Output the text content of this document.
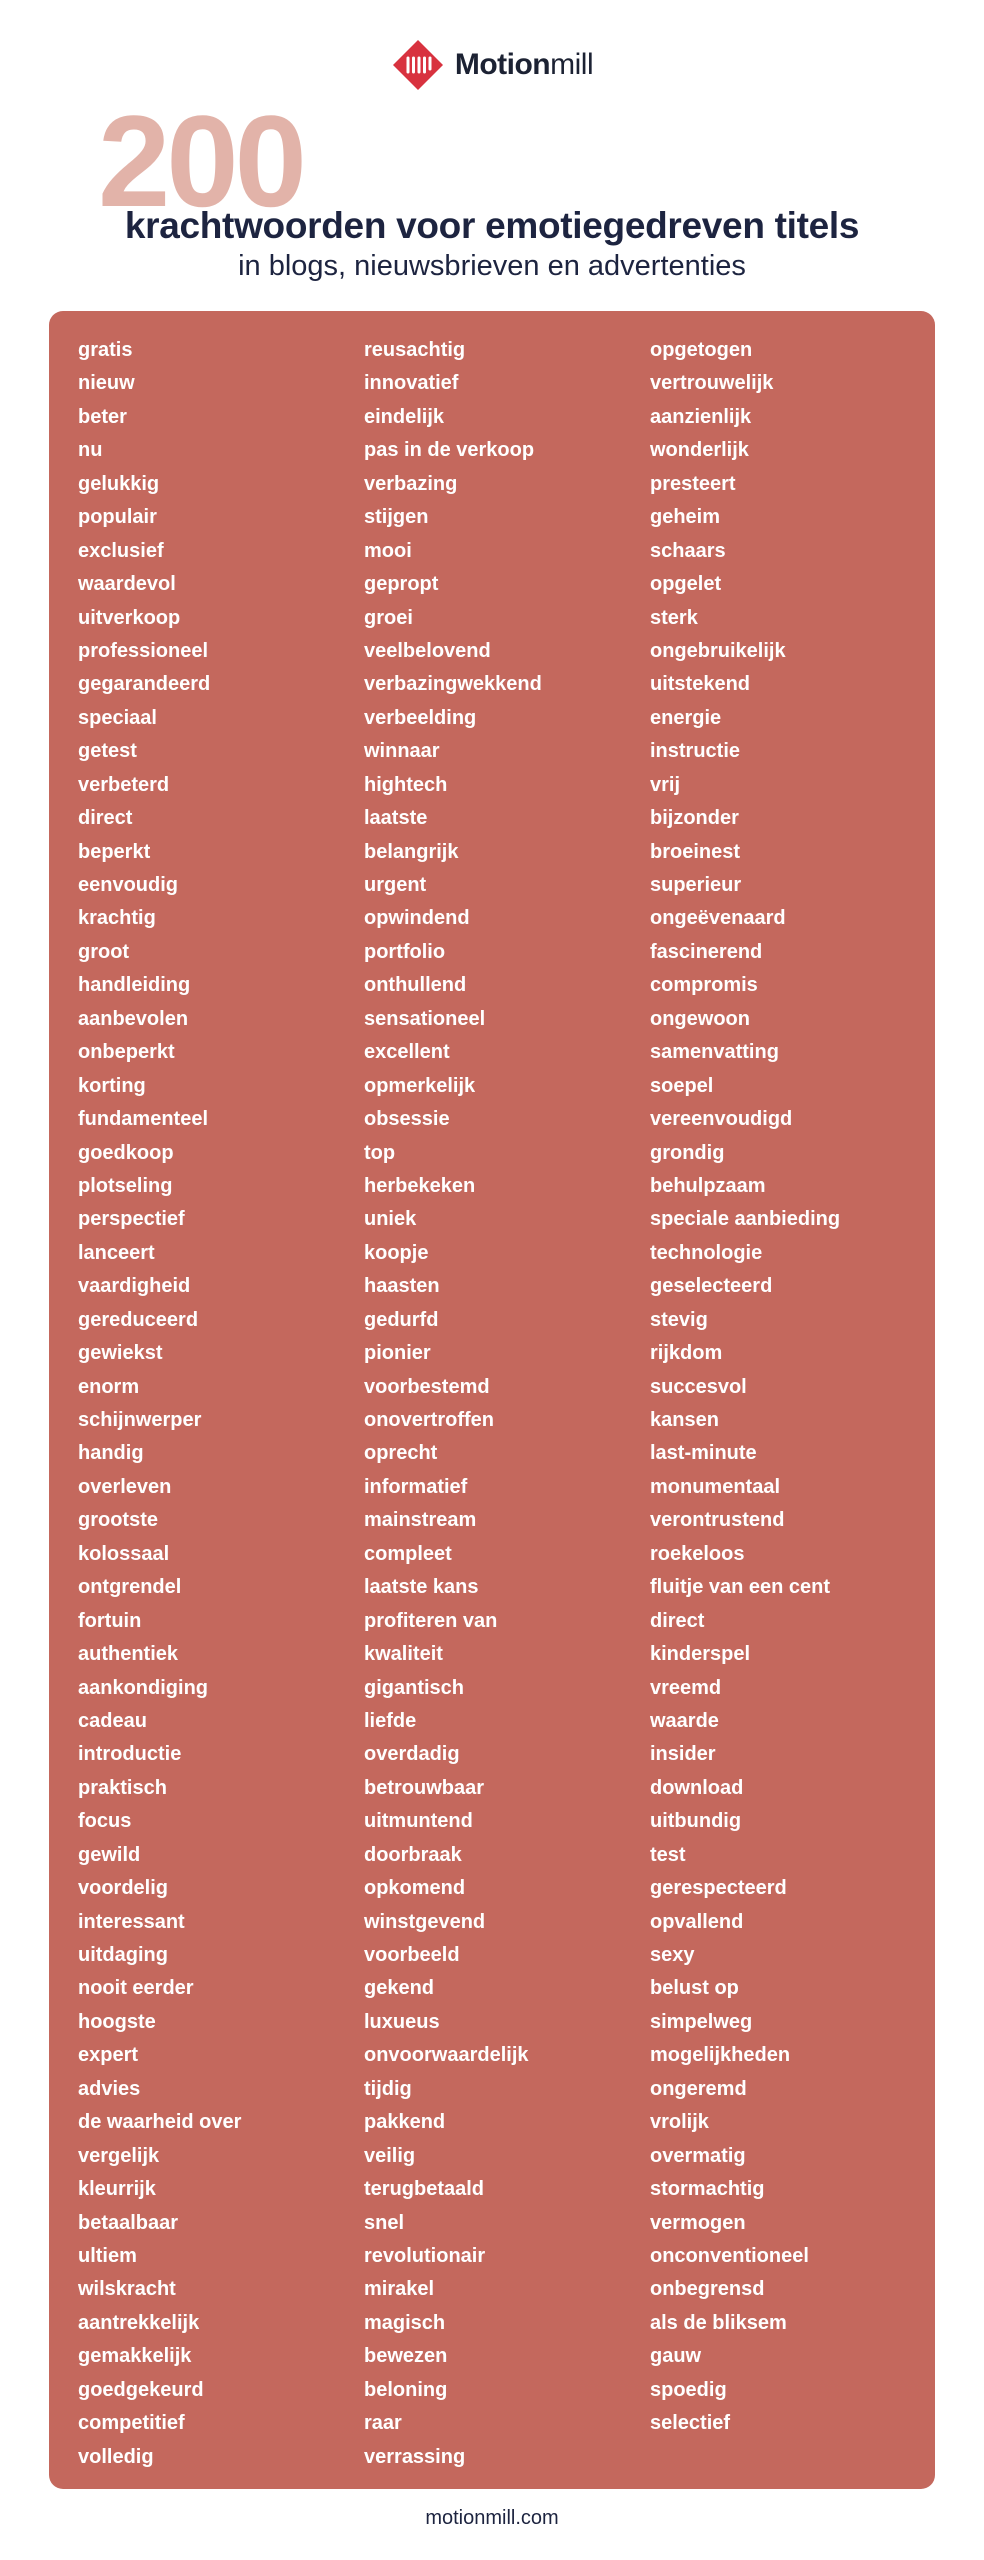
Motionmill
200
krachtwoorden voor emotiegedreven titels
in blogs, nieuwsbrieven en advertenties
gratis
nieuw
beter
nu
gelukkig
populair
exclusief
waardevol
uitverkoop
professioneel
gegarandeerd
speciaal
getest
verbeterd
direct
beperkt
eenvoudig
krachtig
groot
handleiding
aanbevolen
onbeperkt
korting
fundamenteel
goedkoop
plotseling
perspectief
lanceert
vaardigheid
gereduceerd
gewiekst
enorm
schijnwerper
handig
overleven
grootste
kolossaal
ontgrendel
fortuin
authentiek
aankondiging
cadeau
introductie
praktisch
focus
gewild
voordelig
interessant
uitdaging
nooit eerder
hoogste
expert
advies
de waarheid over
vergelijk
kleurrijk
betaalbaar
ultiem
wilskracht
aantrekkelijk
gemakkelijk
goedgekeurd
competitief
volledig
reusachtig
innovatief
eindelijk
pas in de verkoop
verbazing
stijgen
mooi
gepropt
groei
veelbelovend
verbazingwekkend
verbeelding
winnaar
hightech
laatste
belangrijk
urgent
opwindend
portfolio
onthullend
sensationeel
excellent
opmerkelijk
obsessie
top
herbekeken
uniek
koopje
haasten
gedurfd
pionier
voorbestemd
onovertroffen
oprecht
informatief
mainstream
compleet
laatste kans
profiteren van
kwaliteit
gigantisch
liefde
overdadig
betrouwbaar
uitmuntend
doorbraak
opkomend
winstgevend
voorbeeld
gekend
luxueus
onvoorwaardelijk
tijdig
pakkend
veilig
terugbetaald
snel
revolutionair
mirakel
magisch
bewezen
beloning
raar
verrassing
opgetogen
vertrouwelijk
aanzienlijk
wonderlijk
presteert
geheim
schaars
opgelet
sterk
ongebruikelijk
uitstekend
energie
instructie
vrij
bijzonder
broeinest
superieur
ongeëvenaard
fascinerend
compromis
ongewoon
samenvatting
soepel
vereenvoudigd
grondig
behulpzaam
speciale aanbieding
technologie
geselecteerd
stevig
rijkdom
succesvol
kansen
last-minute
monumentaal
verontrustend
roekeloos
fluitje van een cent
direct
kinderspel
vreemd
waarde
insider
download
uitbundig
test
gerespecteerd
opvallend
sexy
belust op
simpelweg
mogelijkheden
ongeremd
vrolijk
overmatig
stormachtig
vermogen
onconventioneel
onbegrensd
als de bliksem
gauw
spoedig
selectief
motionmill.com
